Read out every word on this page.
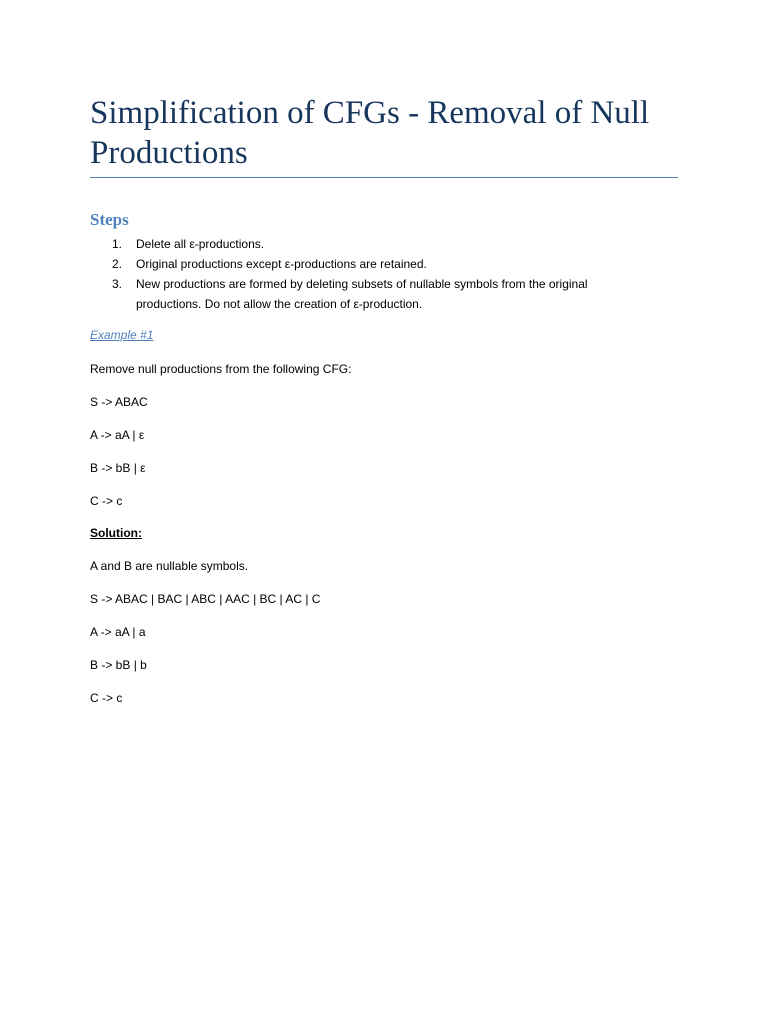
Simplification of CFGs - Removal of Null Productions
Steps
1. Delete all ε-productions.
2. Original productions except ε-productions are retained.
3. New productions are formed by deleting subsets of nullable symbols from the original productions. Do not allow the creation of ε-production.

Example #1

Remove null productions from the following CFG:

S -> ABAC

A -> aA | ε

B -> bB | ε

C -> c

Solution:

A and B are nullable symbols.

S -> ABAC | BAC | ABC | AAC | BC | AC | C

A -> aA | a

B -> bB | b

C -> c
